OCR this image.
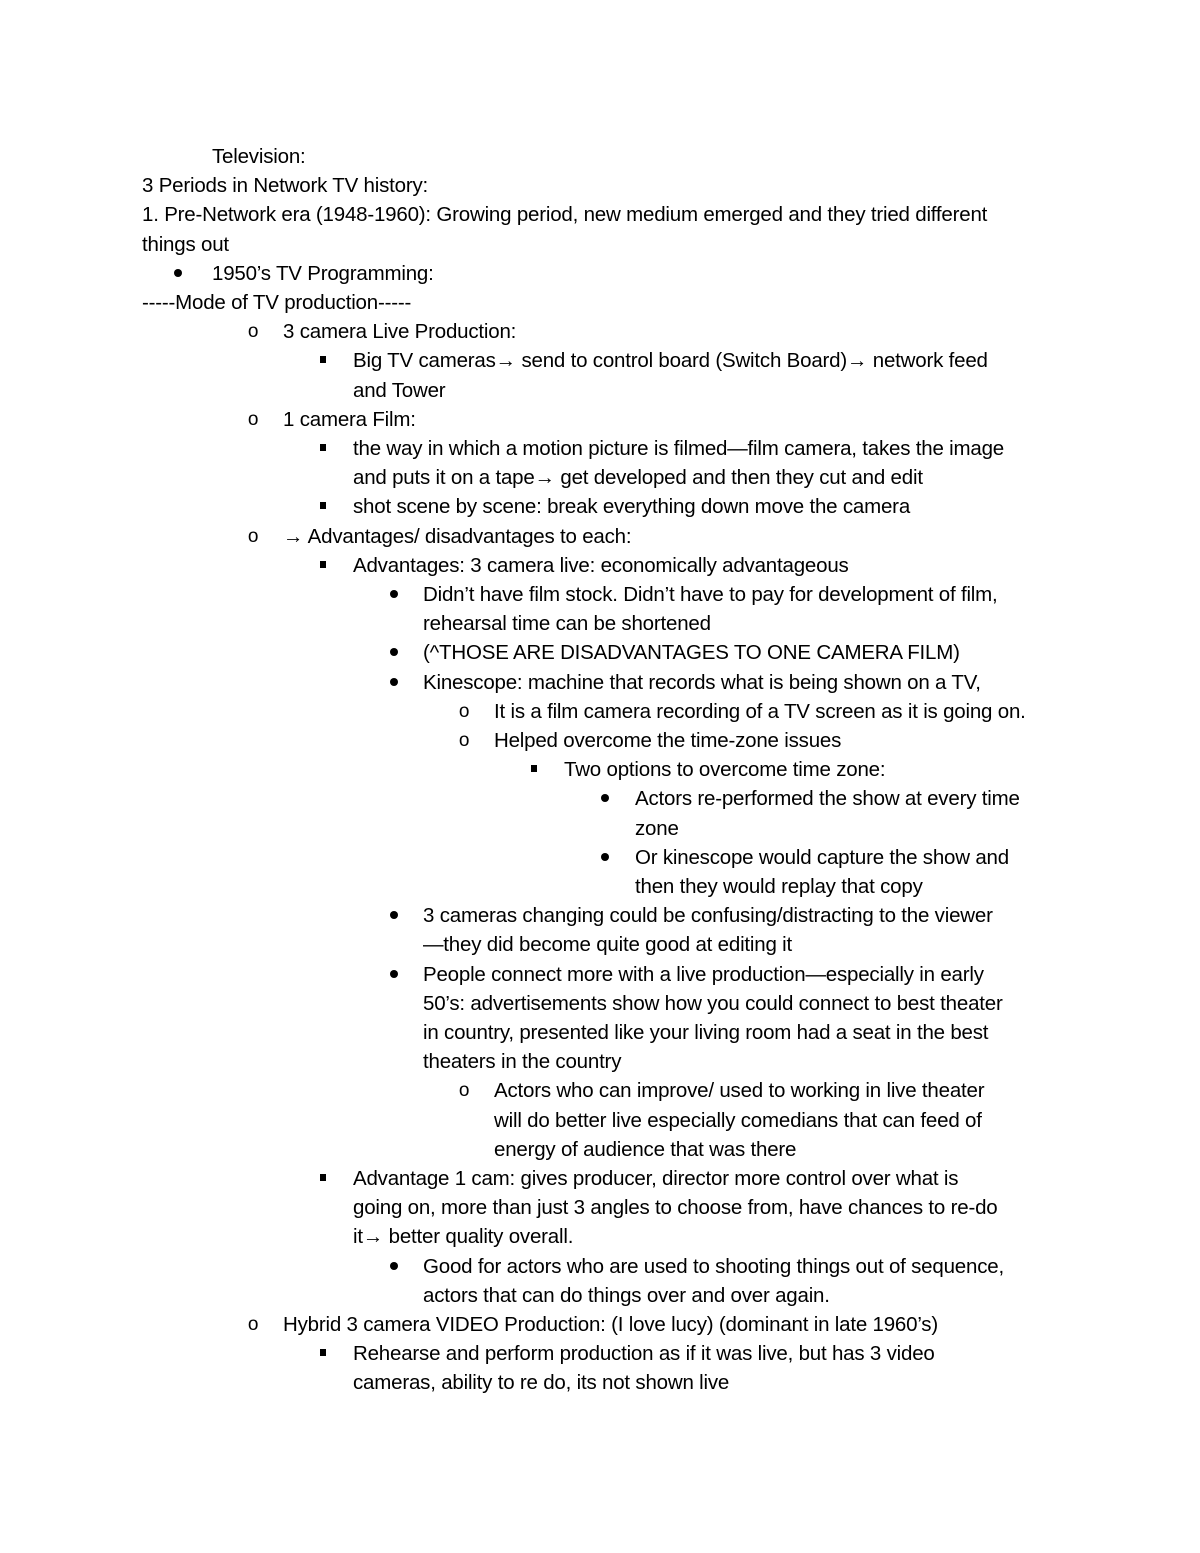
Television:
3 Periods in Network TV history:
1. Pre-Network era (1948-1960): Growing period, new medium emerged and they tried different
things out
1950’s TV Programming:
-----Mode of TV production-----
o 3 camera Live Production:
Big TV cameras→ send to control board (Switch Board)→ network feed
and Tower
o 1 camera Film:
the way in which a motion picture is filmed—film camera, takes the image
and puts it on a tape→ get developed and then they cut and edit
shot scene by scene: break everything down move the camera
o → Advantages/ disadvantages to each:
Advantages: 3 camera live: economically advantageous
Didn’t have film stock. Didn’t have to pay for development of film,
rehearsal time can be shortened
(^THOSE ARE DISADVANTAGES TO ONE CAMERA FILM)
Kinescope: machine that records what is being shown on a TV,
o It is a film camera recording of a TV screen as it is going on.
o Helped overcome the time-zone issues
Two options to overcome time zone:
Actors re-performed the show at every time
zone
Or kinescope would capture the show and
then they would replay that copy
3 cameras changing could be confusing/distracting to the viewer
—they did become quite good at editing it
People connect more with a live production—especially in early
50’s: advertisements show how you could connect to best theater
in country, presented like your living room had a seat in the best
theaters in the country
o Actors who can improve/ used to working in live theater
will do better live especially comedians that can feed of
energy of audience that was there
Advantage 1 cam: gives producer, director more control over what is
going on, more than just 3 angles to choose from, have chances to re-do
it→ better quality overall.
Good for actors who are used to shooting things out of sequence,
actors that can do things over and over again.
o Hybrid 3 camera VIDEO Production: (I love lucy) (dominant in late 1960’s)
Rehearse and perform production as if it was live, but has 3 video
cameras, ability to re do, its not shown live
